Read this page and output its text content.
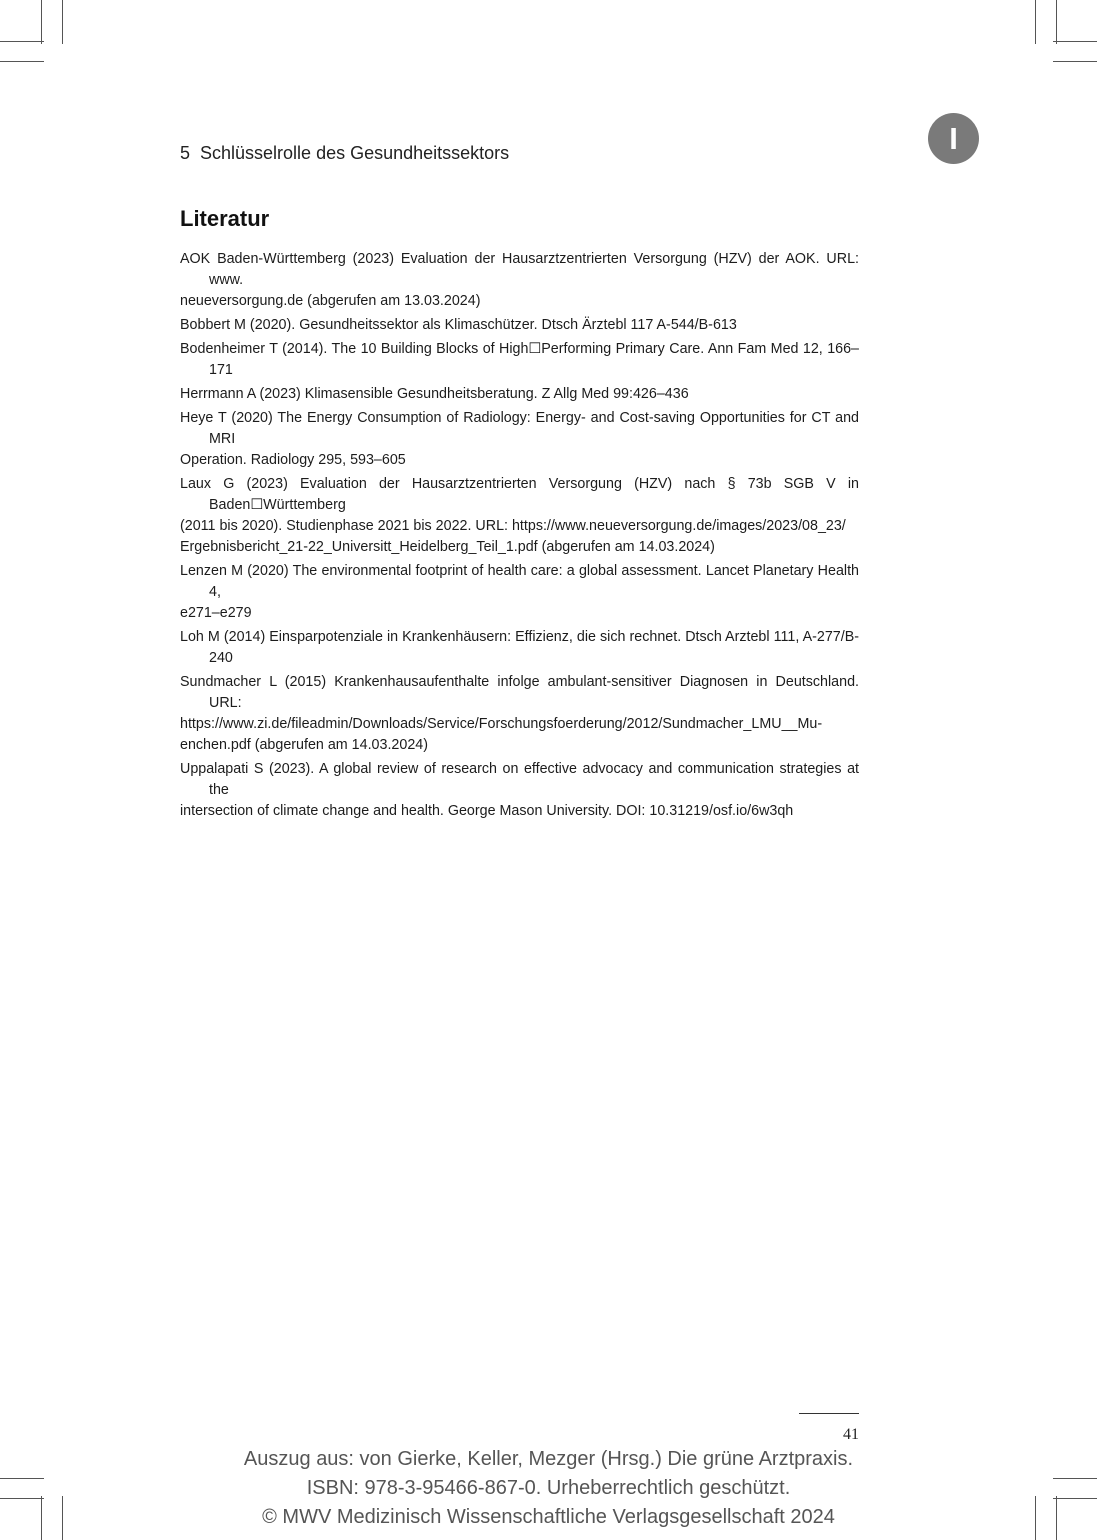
5 Schlüsselrolle des Gesundheitssektors	I
Literatur
AOK Baden-Württemberg (2023) Evaluation der Hausarztzentrierten Versorgung (HZV) der AOK. URL: www.
neueversorgung.de (abgerufen am 13.03.2024)
Bobbert M (2020). Gesundheitssektor als Klimaschützer. Dtsch Ärztebl 117 A-544/B-613
Bodenheimer T (2014). The 10 Building Blocks of High☐Performing Primary Care. Ann Fam Med 12, 166–171
Herrmann A (2023) Klimasensible Gesundheitsberatung. Z Allg Med 99:426–436
Heye T (2020) The Energy Consumption of Radiology: Energy- and Cost-saving Opportunities for CT and MRI
Operation. Radiology 295, 593–605
Laux G (2023) Evaluation der Hausarztzentrierten Versorgung (HZV) nach § 73b SGB V in Baden☐Württemberg
(2011 bis 2020). Studienphase 2021 bis 2022. URL: https://www.neueversorgung.de/images/2023/08_23/
Ergebnisbericht_21-22_Universitt_Heidelberg_Teil_1.pdf (abgerufen am 14.03.2024)
Lenzen M (2020) The environmental footprint of health care: a global assessment. Lancet Planetary Health 4,
e271–e279
Loh M (2014) Einsparpotenziale in Krankenhäusern: Effizienz, die sich rechnet. Dtsch Arztebl 111, A-277/B-240
Sundmacher L (2015) Krankenhausaufenthalte infolge ambulant-sensitiver Diagnosen in Deutschland. URL:
https://www.zi.de/fileadmin/Downloads/Service/Forschungsfoerderung/2012/Sundmacher_LMU__Mu-
enchen.pdf (abgerufen am 14.03.2024)
Uppalapati S (2023). A global review of research on effective advocacy and communication strategies at the
intersection of climate change and health. George Mason University. DOI: 10.31219/osf.io/6w3qh
41
Auszug aus: von Gierke, Keller, Mezger (Hrsg.) Die grüne Arztpraxis.
ISBN: 978-3-95466-867-0. Urheberrechtlich geschützt.
© MWV Medizinisch Wissenschaftliche Verlagsgesellschaft 2024
